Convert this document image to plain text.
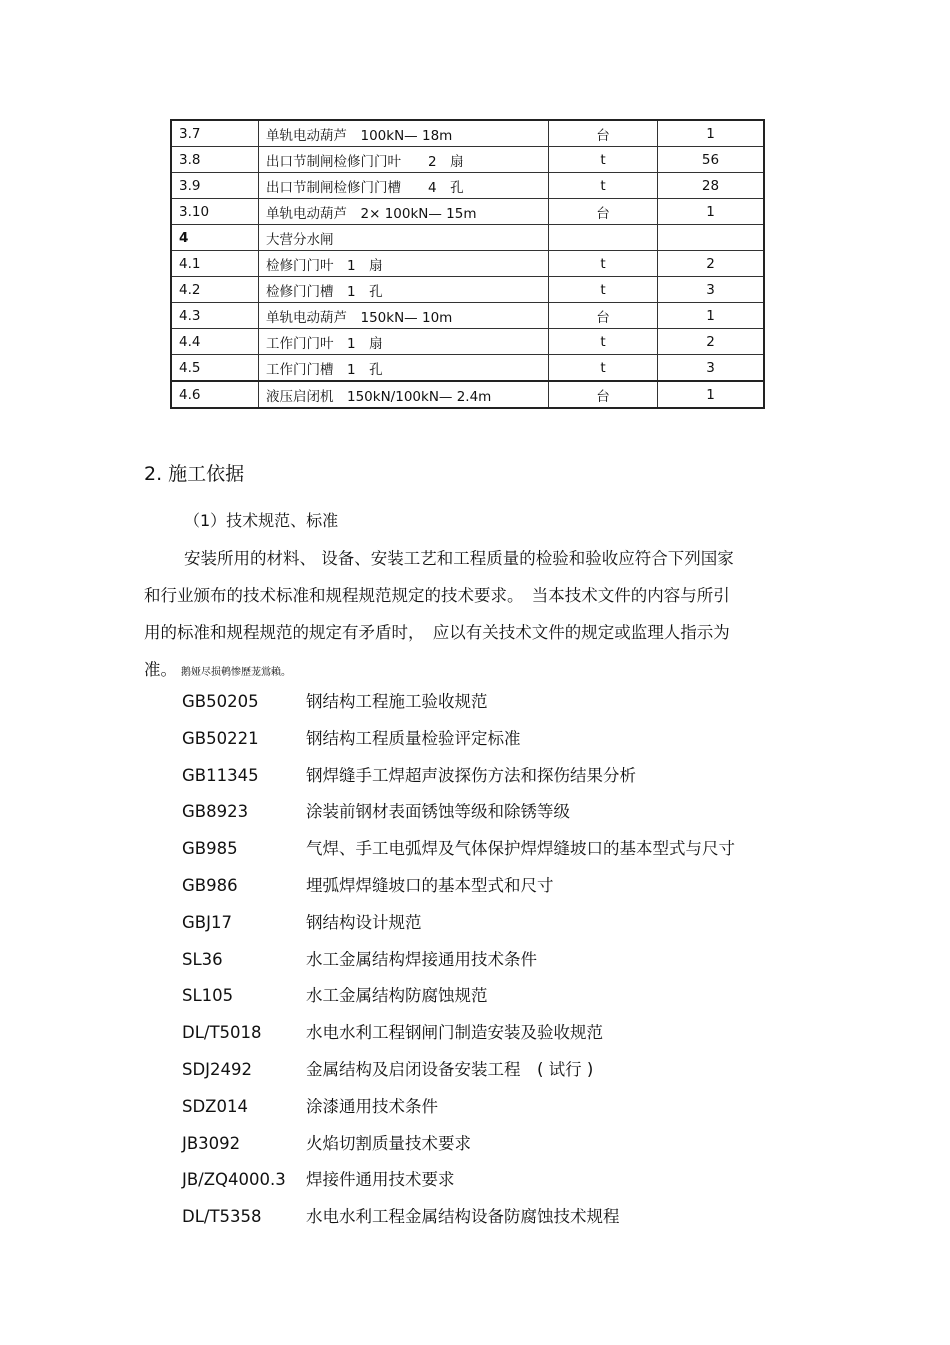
3.7	单轨电动葫芦　100kN— 18m	台	1
3.8	出口节制闸检修门门叶　　2　扇	t	56
3.9	出口节制闸检修门门槽　　4　孔	t	28
3.10	单轨电动葫芦　2× 100kN— 15m	台	1
4	大营分水闸		
4.1	检修门门叶　1　扇	t	2
4.2	检修门门槽　1　孔	t	3
4.3	单轨电动葫芦　150kN— 10m	台	1
4.4	工作门门叶　1　扇	t	2
4.5	工作门门槽　1　孔	t	3
4.6	液压启闭机　150kN/100kN— 2.4m	台	1
2. 施工依据
（1）技术规范、标准

安装所用的材料、 设备、安装工艺和工程质量的检验和验收应符合下列国家
和行业颁布的技术标准和规程规范规定的技术要求。　当本技术文件的内容与所引
用的标准和规程规范的规定有矛盾时，　应以有关技术文件的规定或监理人指示为
准。 鹅娅尽损鹌惨歷茏鴬賴。

GB50205	钢结构工程施工验收规范
GB50221	钢结构工程质量检验评定标准
GB11345	钢焊缝手工焊超声波探伤方法和探伤结果分析
GB8923	涂装前钢材表面锈蚀等级和除锈等级
GB985	气焊、手工电弧焊及气体保护焊焊缝坡口的基本型式与尺寸
GB986	埋弧焊焊缝坡口的基本型式和尺寸
GBJ17	钢结构设计规范
SL36	水工金属结构焊接通用技术条件
SL105	水工金属结构防腐蚀规范
DL/T5018	水电水利工程钢闸门制造安装及验收规范
SDJ2492	金属结构及启闭设备安装工程　( 试行 )
SDZ014	涂漆通用技术条件
JB3092	火焰切割质量技术要求
JB/ZQ4000.3 焊接件通用技术要求
DL/T5358	水电水利工程金属结构设备防腐蚀技术规程
